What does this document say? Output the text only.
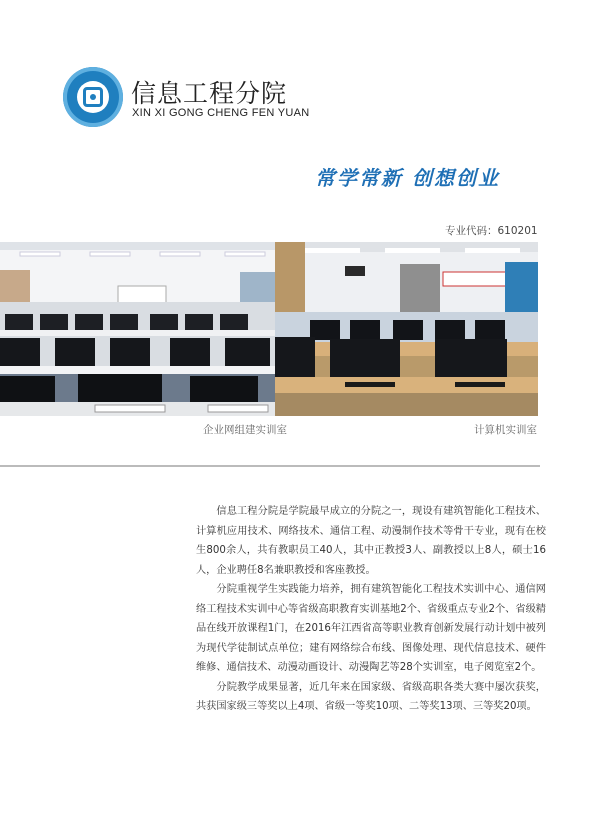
信息工程分院
XIN XI GONG CHENG FEN YUAN
常学常新 创想创业
专业代码：610201
企业网组建实训室	计算机实训室

信息工程分院是学院最早成立的分院之一，现设有建筑智能化工程技术、计算机应用技术、网络技术、通信工程、动漫制作技术等骨干专业，现有在校生800余人，共有教职员工40人，其中正教授3人、副教授以上8人，硕士16人，企业聘任8名兼职教授和客座教授。

分院重视学生实践能力培养，拥有建筑智能化工程技术实训中心、通信网络工程技术实训中心等省级高职教育实训基地2个、省级重点专业2个、省级精品在线开放课程1门，在2016年江西省高等职业教育创新发展行动计划中被列为现代学徒制试点单位；建有网络综合布线、图像处理、现代信息技术、硬件维修、通信技术、动漫动画设计、动漫陶艺等28个实训室，电子阅览室2个。

分院教学成果显著，近几年来在国家级、省级高职各类大赛中屡次获奖，共获国家级三等奖以上4项、省级一等奖10项、二等奖13项、三等奖20项。
